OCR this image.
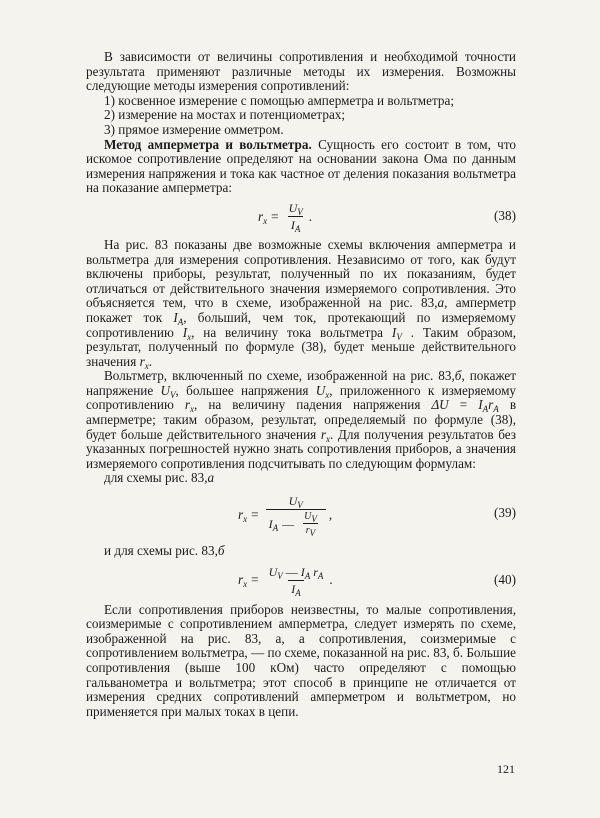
В зависимости от величины сопротивления и необходимой точности результата применяют различные методы их измерения. Возможны следующие методы измерения сопротивлений:

1) косвенное измерение с помощью амперметра и вольтметра;

2) измерение на мостах и потенциометрах;

3) прямое измерение омметром.

Метод амперметра и вольтметра. Сущность его состоит в том, что искомое сопротивление определяют на основании закона Ома по данным измерения напряжения и тока как частное от деления показания вольтметра на показание амперметра:

$r_x = \frac{U_V}{I_A}$ .	(38)

На рис. 83 показаны две возможные схемы включения амперметра и вольтметра для измерения сопротивления. Независимо от того, как будут включены приборы, результат, полученный по их показаниям, будет отличаться от действительного значения измеряемого сопротивления. Это объясняется тем, что в схеме, изображенной на рис. 83,а, амперметр покажет ток $I_A$, больший, чем ток, протекающий по измеряемому сопротивлению $I_x$, на величину тока вольтметра $I_V$ . Таким образом, результат, полученный по формуле (38), будет меньше действительного значения $r_x$.

Вольтметр, включенный по схеме, изображенной на рис. 83,б, покажет напряжение $U_V$, большее напряжения $U_x$, приложенного к измеряемому сопротивлению $r_x$, на величину падения напряжения $\Delta U = I_Ar_A$ в амперметре; таким образом, результат, определяемый по формуле (38), будет больше действительного значения $r_x$. Для получения результатов без указанных погрешностей нужно знать сопротивления приборов, а значения измеряемого сопротивления подсчитывать по следующим формулам:

для схемы рис. 83,а

$r_x$ =
$U_V$
$I_A$ — $\frac{U_V}{r_V}$ ,	(39)

и для схемы рис. 83,б

$r_x = \frac{U_V — I_A r_A}{I_A}$ .	(40)

Если сопротивления приборов неизвестны, то малые сопротивления, соизмеримые с сопротивлением амперметра, следует измерять по схеме, изображенной на рис. 83, а, а сопротивления, соизмеримые с сопротивлением вольтметра, — по схеме, показанной на рис. 83, б. Большие сопротивления (выше 100 кОм) часто определяют с помощью гальванометра и вольтметра; этот способ в принципе не отличается от измерения средних сопротивлений амперметром и вольтметром, но применяется при малых токах в цепи.

121
